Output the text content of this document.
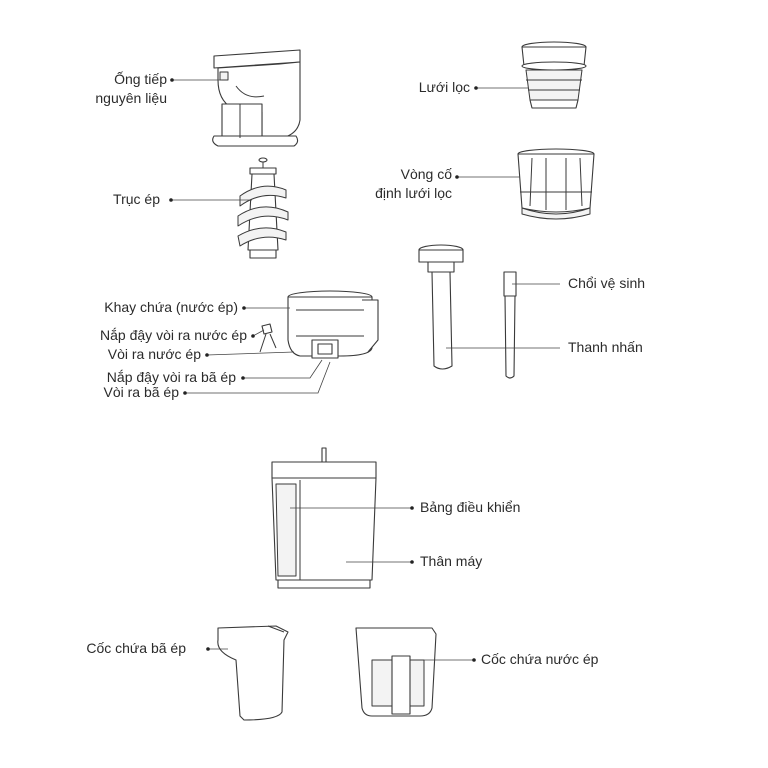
Ống tiếp
nguyên liệu
Lưới lọc
Vòng cố
định lưới lọc
Trục ép
Chổi vệ sinh
Khay chứa (nước ép)
Nắp đậy vòi ra nước ép
Vòi ra nước ép
Nắp đậy vòi ra bã ép
Vòi ra bã ép
Thanh nhấn
Bảng điều khiển
Thân máy
Cốc chứa bã ép
Cốc chứa nước ép
